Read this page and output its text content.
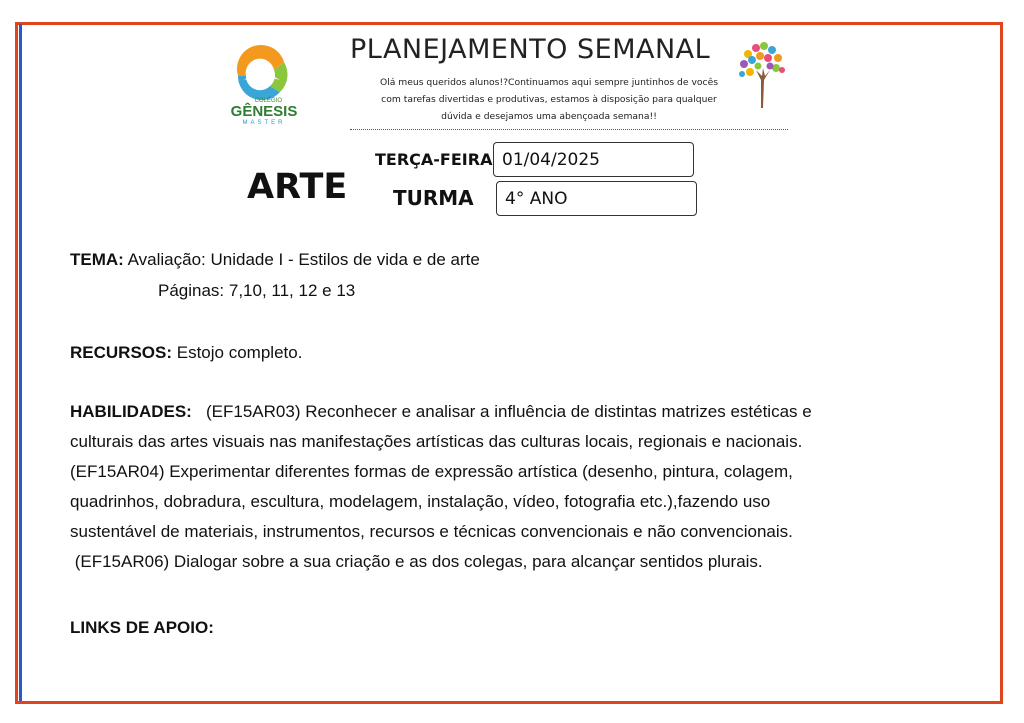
COLÉGIO
GÊNESIS
MASTER
PLANEJAMENTO SEMANAL
Olá meus queridos alunos!?Continuamos aqui sempre juntinhos de vocês
com tarefas divertidas e produtivas, estamos à disposição para qualquer
dúvida e desejamos uma abençoada semana!!
ARTE
TERÇA-FEIRA 01/04/2025
TURMA 4° ANO
TEMA: Avaliação: Unidade I - Estilos de vida e de arte
Páginas: 7,10, 11, 12 e 13
RECURSOS: Estojo completo.

HABILIDADES: (EF15AR03) Reconhecer e analisar a influência de distintas matrizes estéticas e

culturais das artes visuais nas manifestações artísticas das culturas locais, regionais e nacionais.

(EF15AR04) Experimentar diferentes formas de expressão artística (desenho, pintura, colagem,

quadrinhos, dobradura, escultura, modelagem, instalação, vídeo, fotografia etc.),fazendo uso

sustentável de materiais, instrumentos, recursos e técnicas convencionais e não convencionais.

(EF15AR06) Dialogar sobre a sua criação e as dos colegas, para alcançar sentidos plurais.

LINKS DE APOIO:
